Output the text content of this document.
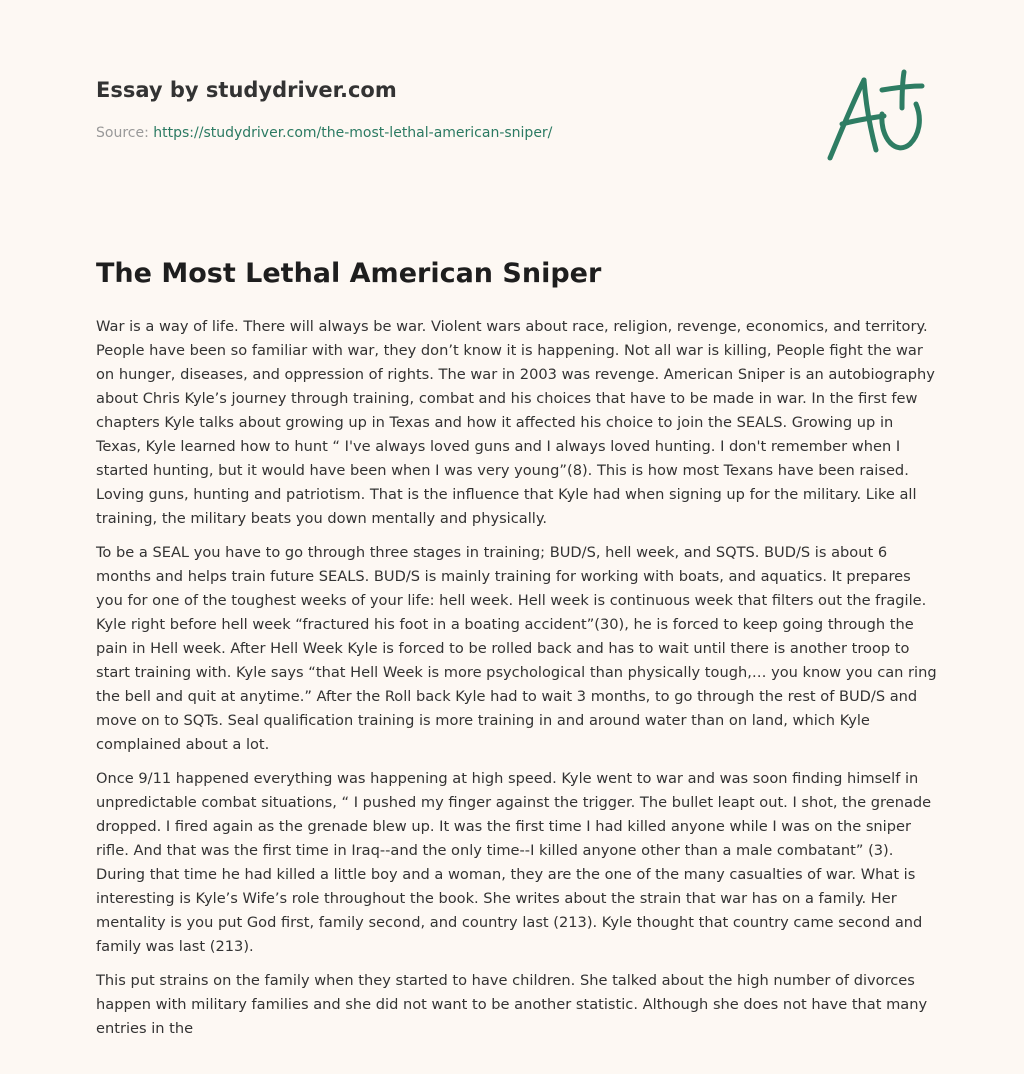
Essay by studydriver.com
Source: https://studydriver.com/the-most-lethal-american-sniper/
The Most Lethal American Sniper

War is a way of life. There will always be war. Violent wars about race, religion, revenge, economics, and territory. People have been so familiar with war, they don’t know it is happening. Not all war is killing, People fight the war on hunger, diseases, and oppression of rights. The war in 2003 was revenge. American Sniper is an autobiography about Chris Kyle’s journey through training, combat and his choices that have to be made in war. In the first few chapters Kyle talks about growing up in Texas and how it affected his choice to join the SEALS. Growing up in Texas, Kyle learned how to hunt “ I've always loved guns and I always loved hunting. I don't remember when I started hunting, but it would have been when I was very young”(8). This is how most Texans have been raised. Loving guns, hunting and patriotism. That is the influence that Kyle had when signing up for the military. Like all training, the military beats you down mentally and physically.

To be a SEAL you have to go through three stages in training; BUD/S, hell week, and SQTS. BUD/S is about 6 months and helps train future SEALS. BUD/S is mainly training for working with boats, and aquatics. It prepares you for one of the toughest weeks of your life: hell week. Hell week is continuous week that filters out the fragile. Kyle right before hell week “fractured his foot in a boating accident”(30), he is forced to keep going through the pain in Hell week. After Hell Week Kyle is forced to be rolled back and has to wait until there is another troop to start training with. Kyle says “that Hell Week is more psychological than physically tough,… you know you can ring the bell and quit at anytime.” After the Roll back Kyle had to wait 3 months, to go through the rest of BUD/S and move on to SQTs. Seal qualification training is more training in and around water than on land, which Kyle complained about a lot.

Once 9/11 happened everything was happening at high speed. Kyle went to war and was soon finding himself in unpredictable combat situations, “ I pushed my finger against the trigger. The bullet leapt out. I shot, the grenade dropped. I fired again as the grenade blew up. It was the first time I had killed anyone while I was on the sniper rifle. And that was the first time in Iraq--and the only time--I killed anyone other than a male combatant” (3). During that time he had killed a little boy and a woman, they are the one of the many casualties of war. What is interesting is Kyle’s Wife’s role throughout the book. She writes about the strain that war has on a family. Her mentality is you put God first, family second, and country last (213). Kyle thought that country came second and family was last (213).

This put strains on the family when they started to have children. She talked about the high number of divorces happen with military families and she did not want to be another statistic. Although she does not have that many entries in the
